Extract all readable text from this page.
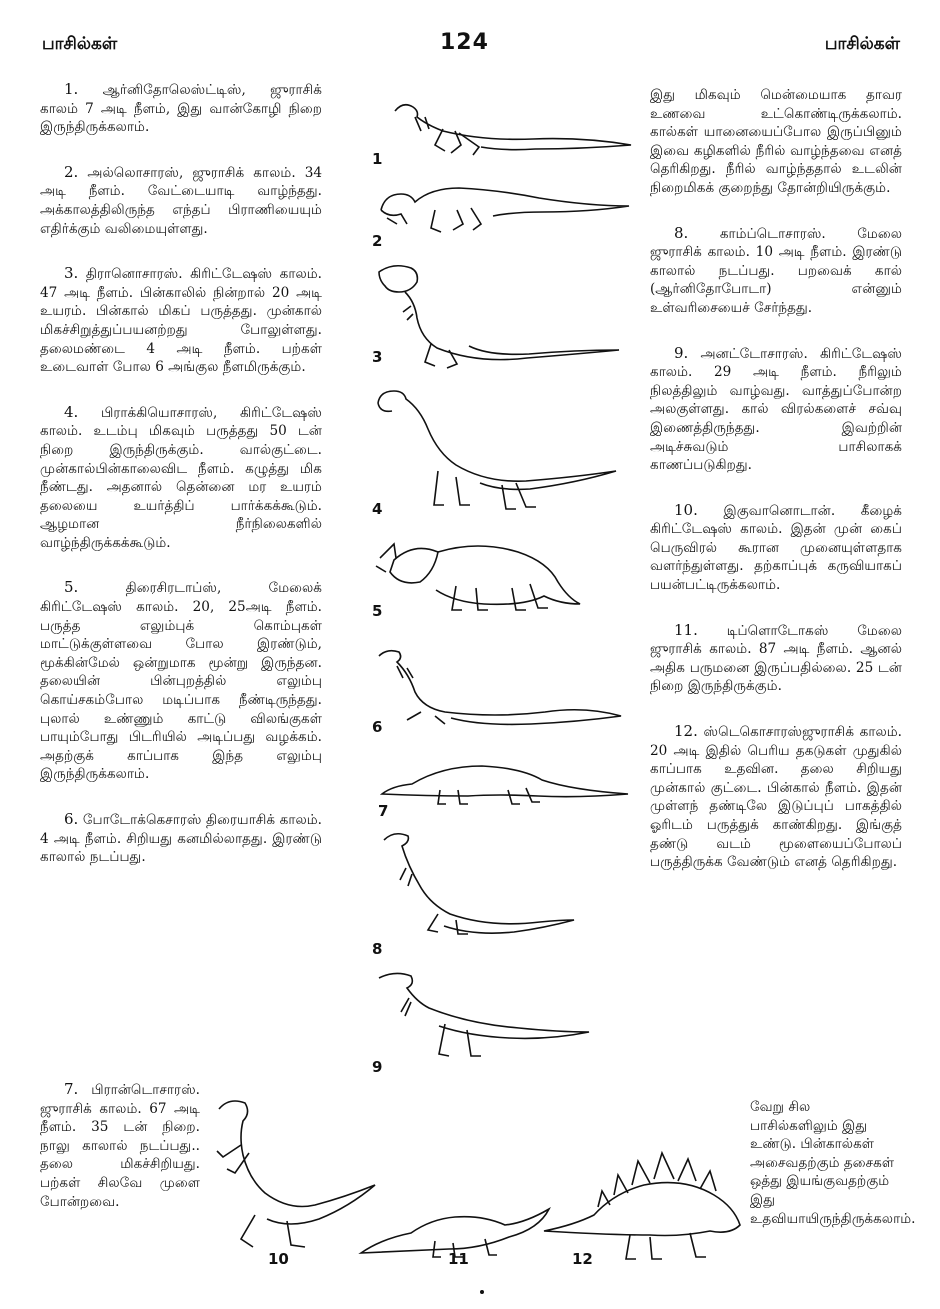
பாசில்கள்	124	பாசில்கள்

1. ஆர்னிதோலெஸ்ட்டிஸ், ஜுராசிக் காலம் 7 அடி நீளம், இது வான்கோழி நிறை இருந்திருக்கலாம்.

2. அல்லொசாரஸ், ஜுராசிக் காலம். 34 அடி நீளம். வேட்டையாடி வாழ்ந்தது. அக்காலத்திலிருந்த எந்தப் பிராணியையும் எதிர்க்கும் வலிமையுள்ளது.

3. திரானொசாரஸ். கிரிட்டேஷஸ் காலம். 47 அடி நீளம். பின்காலில் நின்றால் 20 அடி உயரம். பின்கால் மிகப் பருத்தது. முன்கால் மிகச்சிறுத்துப்பயனற்றது போலுள்ளது. தலைமண்டை 4 அடி நீளம். பற்கள் உடைவாள் போல 6 அங்குல நீளமிருக்கும்.

4. பிராக்கியொசாரஸ், கிரிட்டேஷஸ் காலம். உடம்பு மிகவும் பருத்தது 50 டன் நிறை இருந்திருக்கும். வால்குட்டை. முன்கால்பின்காலைவிட நீளம். கழுத்து மிக நீண்டது. அதனால் தென்னை மர உயரம் தலையை உயர்த்திப் பார்க்கக்கூடும். ஆழமான நீர்நிலைகளில் வாழ்ந்திருக்கக்கூடும்.

5.	திரைசிரடாப்ஸ், மேலைக் கிரிட்டேஷஸ் காலம். 20, 25அடி நீளம். பருத்த எலும்புக் கொம்புகள் மாட்டுக்குள்ளவை போல இரண்டும், மூக்கின்மேல் ஒன்றுமாக மூன்று இருந்தன. தலையின் பின்புறத்தில் எலும்பு கொய்சகம்போல மடிப்பாக நீண்டிருந்தது. புலால் உண்ணும் காட்டு விலங்குகள் பாயும்போது பிடரியில் அடிப்பது வழக்கம். அதற்குக் காப்பாக இந்த எலும்பு இருந்திருக்கலாம்.

6. போடோக்கெசாரஸ் திரையாசிக் காலம். 4 அடி நீளம். சிறியது கனமில்லாதது. இரண்டு காலால் நடப்பது.

7. பிரான்டொசாரஸ். ஜுராசிக் காலம். 67 அடி நீளம். 35 டன் நிறை. நாலு காலால் நடப்பது.. தலை மிகச்சிறியது. பற்கள் சிலவே முளை போன்றவை.

இது மிகவும் மென்மையாக தாவர உணவை உட்கொண்டிருக்கலாம். கால்கள் யானையைப்போல இருப்பினும் இவை கழிகளில் நீரில் வாழ்ந்தவை எனத் தெரிகிறது. நீரில் வாழ்ந்ததால் உடலின் நிறைமிகக் குறைந்து தோன்றியிருக்கும்.

8. காம்ப்டொசாரஸ். மேலை ஜுராசிக் காலம். 10 அடி நீளம். இரண்டு காலால் நடப்பது. பறவைக் கால் (ஆர்னிதோபோடா) என்னும் உள்வரிசையைச் சேர்ந்தது.

9. அனட்டோசாரஸ். கிரிட்டேஷஸ் காலம். 29 அடி நீளம். நீரிலும் நிலத்திலும் வாழ்வது. வாத்துப்போன்ற அலகுள்ளது. கால் விரல்களைச் சவ்வு இணைத்திருந்தது. இவற்றின் அடிச்சுவடும் பாசிலாகக் காணப்படுகிறது.

10. இகுவானொடான். கீழைக் கிரிட்டேஷஸ் காலம். இதன் முன் கைப் பெருவிரல் கூரான முனையுள்ளதாக வளர்ந்துள்ளது. தற்காப்புக் கருவியாகப் பயன்பட்டிருக்கலாம்.

11. டிப்ளொடோகஸ் மேலை ஜுராசிக் காலம். 87 அடி நீளம். ஆனல் அதிக பருமனை இருப்பதில்லை. 25 டன் நிறை இருந்திருக்கும்.

12. ஸ்டெகொசாரஸ்ஜுராசிக் காலம். 20 அடி இதில் பெரிய தகடுகள் முதுகில் காப்பாக உதவின. தலை சிறியது முன்கால் குட்டை. பின்கால் நீளம். இதன் முள்ளந் தண்டிலே இடுப்புப் பாகத்தில் ஓரிடம் பருத்துக் காண்கிறது. இங்குத் தண்டு வடம் மூளையைப்போலப் பருத்திருக்க வேண்டும் எனத் தெரிகிறது.

வேறு சில பாசில்களிலும் இது உண்டு. பின்கால்கள் அசைவதற்கும் தசைகள் ஒத்து இயங்குவதற்கும் இது உதவியாயிருந்திருக்கலாம்.

1
2
3
4
5
6
7
8
9
10	11	12
